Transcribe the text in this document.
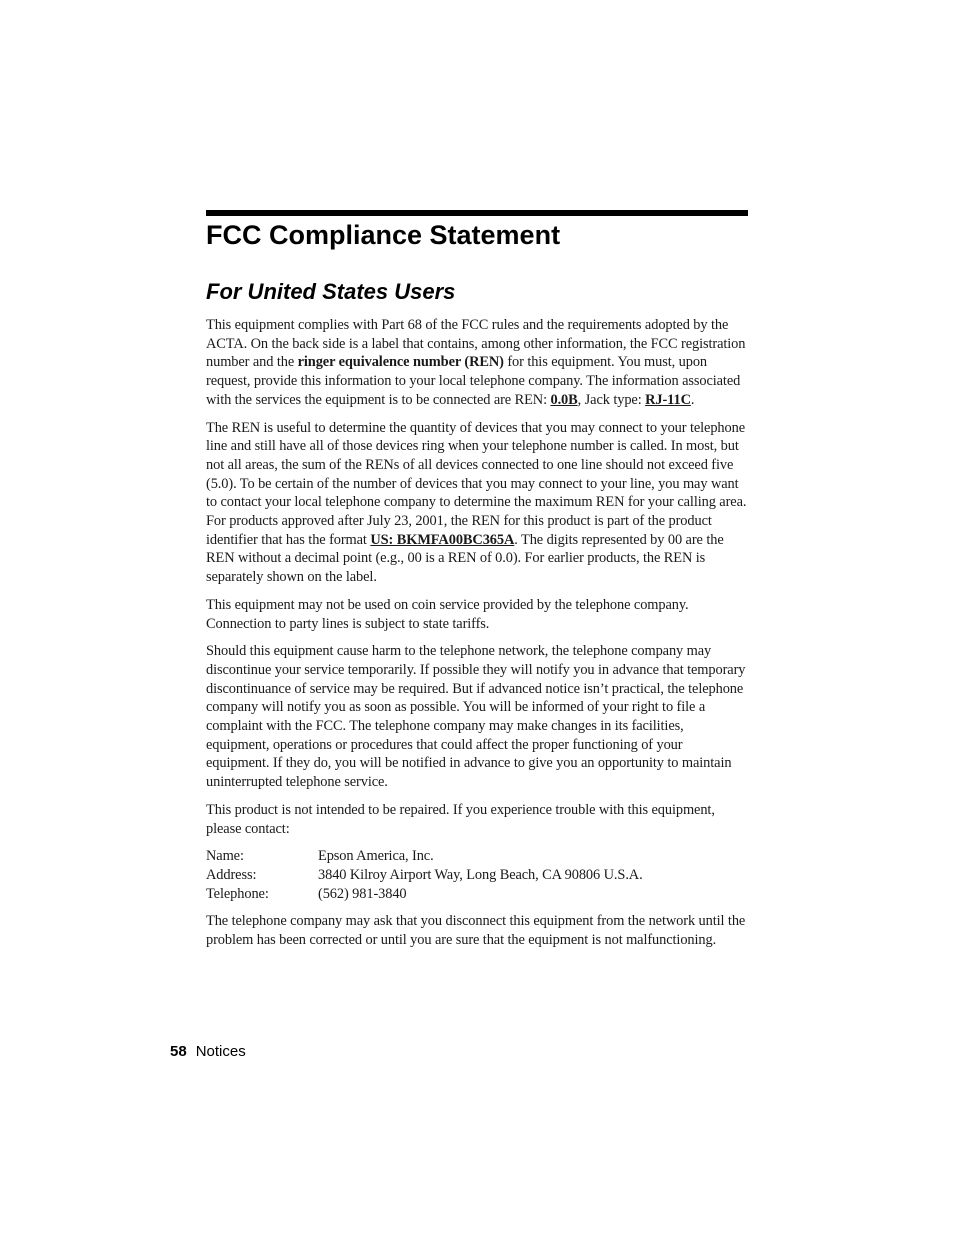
FCC Compliance Statement
For United States Users

This equipment complies with Part 68 of the FCC rules and the requirements adopted by the ACTA. On the back side is a label that contains, among other information, the FCC registration number and the ringer equivalence number (REN) for this equipment. You must, upon request, provide this information to your local telephone company. The information associated with the services the equipment is to be connected are REN: 0.0B, Jack type: RJ-11C.

The REN is useful to determine the quantity of devices that you may connect to your telephone line and still have all of those devices ring when your telephone number is called. In most, but not all areas, the sum of the RENs of all devices connected to one line should not exceed five (5.0). To be certain of the number of devices that you may connect to your line, you may want to contact your local telephone company to determine the maximum REN for your calling area. For products approved after July 23, 2001, the REN for this product is part of the product identifier that has the format US: BKMFA00BC365A. The digits represented by 00 are the REN without a decimal point (e.g., 00 is a REN of 0.0). For earlier products, the REN is separately shown on the label.

This equipment may not be used on coin service provided by the telephone company. Connection to party lines is subject to state tariffs.

Should this equipment cause harm to the telephone network, the telephone company may discontinue your service temporarily. If possible they will notify you in advance that temporary discontinuance of service may be required. But if advanced notice isn’t practical, the telephone company will notify you as soon as possible. You will be informed of your right to file a complaint with the FCC. The telephone company may make changes in its facilities, equipment, operations or procedures that could affect the proper functioning of your equipment. If they do, you will be notified in advance to give you an opportunity to maintain uninterrupted telephone service.

This product is not intended to be repaired. If you experience trouble with this equipment, please contact:

Name:	Epson America, Inc.
Address:	3840 Kilroy Airport Way, Long Beach, CA 90806 U.S.A.
Telephone:	(562) 981-3840

The telephone company may ask that you disconnect this equipment from the network until the problem has been corrected or until you are sure that the equipment is not malfunctioning.

58 Notices
